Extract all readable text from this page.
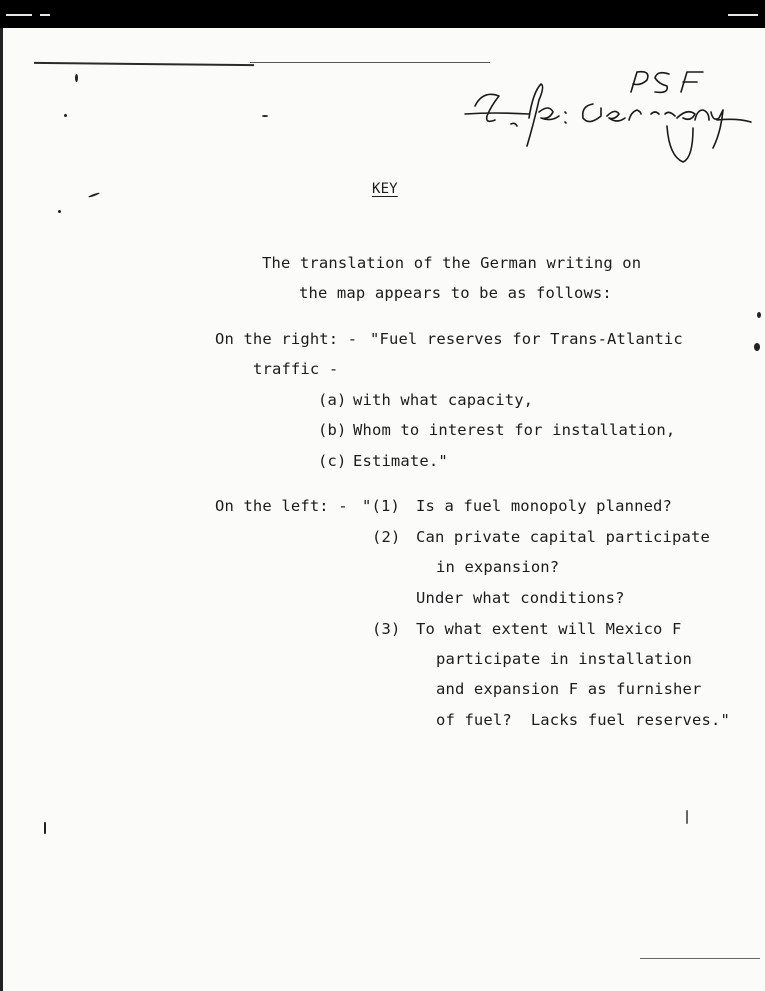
KEY
The translation of the German writing on
the map appears to be as follows:
On the right: - "Fuel reserves for Trans-Atlantic
traffic -
(a) with what capacity,
(b) Whom to interest for installation,
(c) Estimate."
On the left: - "(1) Is a fuel monopoly planned?
(2) Can private capital participate
in expansion?
Under what conditions?
(3) To what extent will Mexico F
participate in installation
and expansion F as furnisher
of fuel?  Lacks fuel reserves."
